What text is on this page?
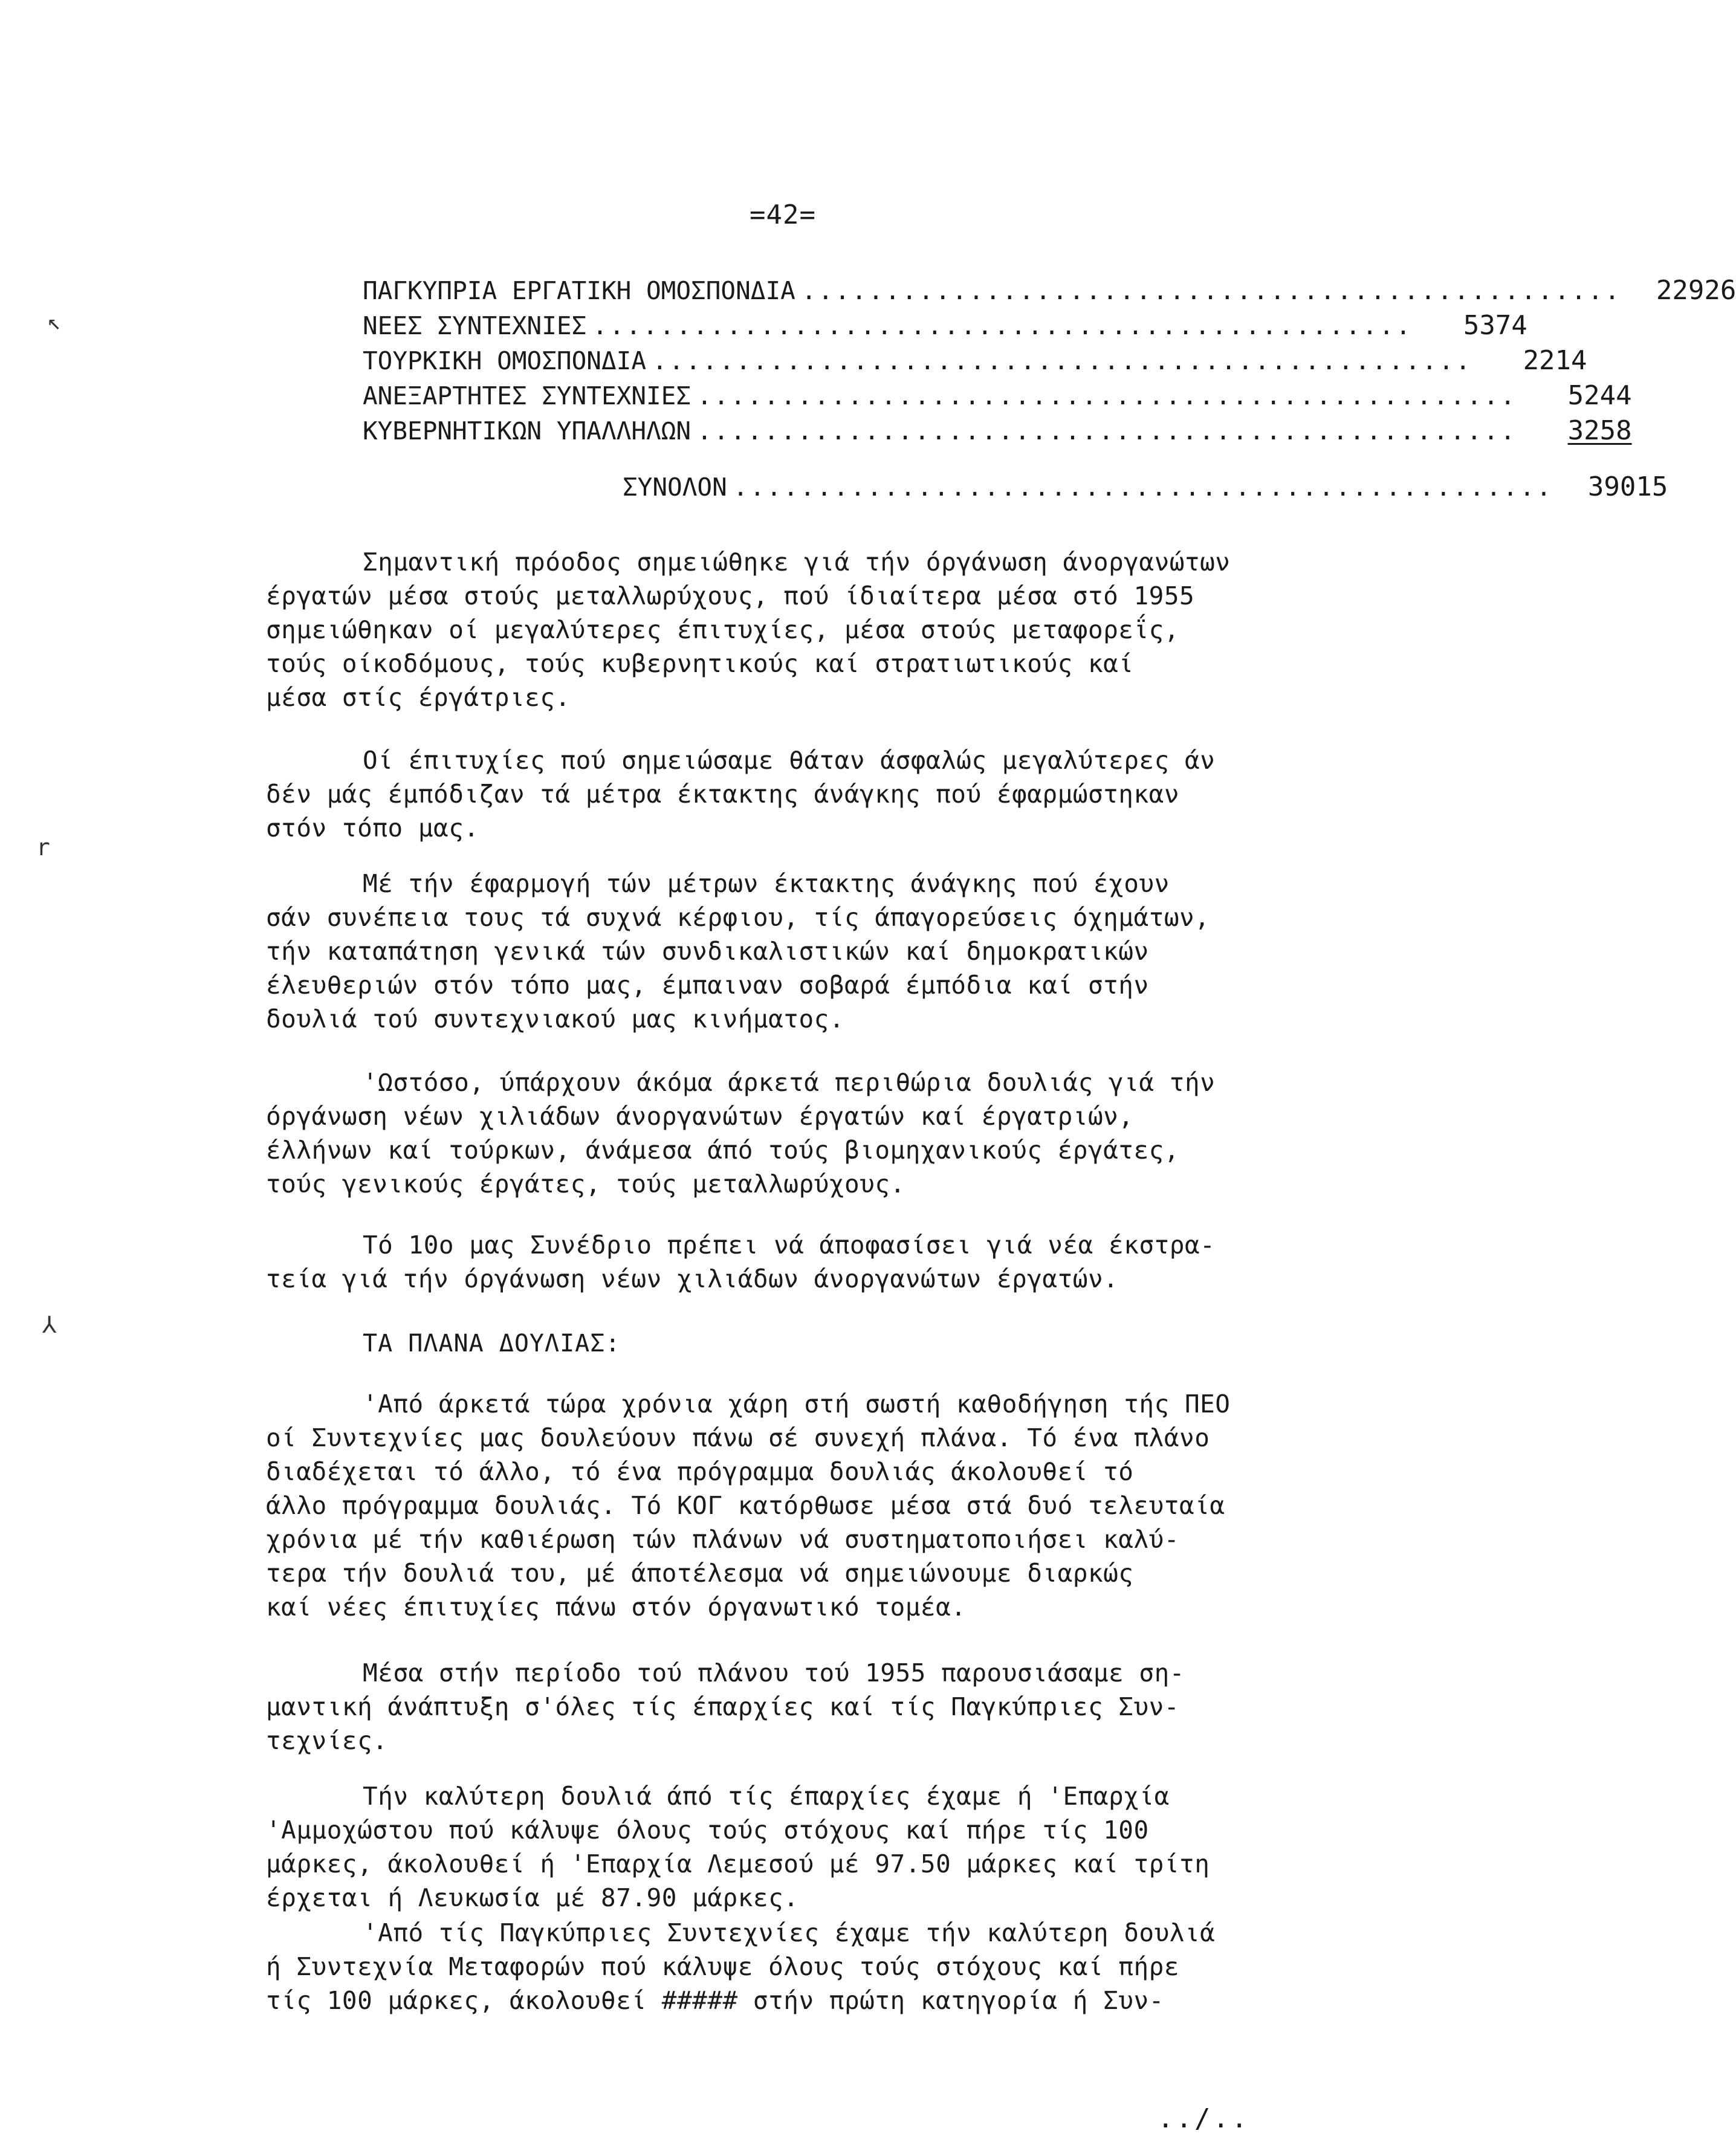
=42=
ΠΑΓΚΥΠΡΙΑ ΕΡΓΑΤΙΚΗ ΟΜΟΣΠΟΝΔΙΑ .................................................	22926
ΝΕΕΣ ΣΥΝΤΕΧΝΙΕΣ .................................................	5374
ΤΟΥΡΚΙΚΗ ΟΜΟΣΠΟΝΔΙΑ .................................................	2214
ΑΝΕΞΑΡΤΗΤΕΣ ΣΥΝΤΕΧΝΙΕΣ .................................................	5244
ΚΥΒΕΡΝΗΤΙΚΩΝ ΥΠΑΛΛΗΛΩΝ .................................................	3258
ΣΥΝΟΛΟΝ .................................................	39015
Σημαντική πρόοδος σημειώθηκε γιά τήν όργάνωση άνοργανώτων
έργατών μέσα στούς μεταλλωρύχους, πού ίδιαίτερα μέσα στό 1955
σημειώθηκαν οί μεγαλύτερες έπιτυχίες, μέσα στούς μεταφορεΐς,
τούς οίκοδόμους, τούς κυβερνητικούς καί στρατιωτικούς καί
μέσα στίς έργάτριες.
Οί έπιτυχίες πού σημειώσαμε θάταν άσφαλώς μεγαλύτερες άν
δέν μάς έμπόδιζαν τά μέτρα έκτακτης άνάγκης πού έφαρμώστηκαν
στόν τόπο μας.
Μέ τήν έφαρμογή τών μέτρων έκτακτης άνάγκης πού έχουν
σάν συνέπεια τους τά συχνά κέρφιου, τίς άπαγορεύσεις όχημάτων,
τήν καταπάτηση γενικά τών συνδικαλιστικών καί δημοκρατικών
έλευθεριών στόν τόπο μας, έμπαιναν σοβαρά έμπόδια καί στήν
δουλιά τού συντεχνιακού μας κινήματος.
'Ωστόσο, ύπάρχουν άκόμα άρκετά περιθώρια δουλιάς γιά τήν
όργάνωση νέων χιλιάδων άνοργανώτων έργατών καί έργατριών,
έλλήνων καί τούρκων, άνάμεσα άπό τούς βιομηχανικούς έργάτες,
τούς γενικούς έργάτες, τούς μεταλλωρύχους.
Τό 10ο μας Συνέδριο πρέπει νά άποφασίσει γιά νέα έκστρα-
τεία γιά τήν όργάνωση νέων χιλιάδων άνοργανώτων έργατών.
ΤΑ ΠΛΑΝΑ ΔΟΥΛΙΑΣ:
'Από άρκετά τώρα χρόνια χάρη στή σωστή καθοδήγηση τής ΠΕΟ
οί Συντεχνίες μας δουλεύουν πάνω σέ συνεχή πλάνα. Τό ένα πλάνο
διαδέχεται τό άλλο, τό ένα πρόγραμμα δουλιάς άκολουθεί τό
άλλο πρόγραμμα δουλιάς. Τό ΚΟΓ κατόρθωσε μέσα στά δυό τελευταία
χρόνια μέ τήν καθιέρωση τών πλάνων νά συστηματοποιήσει καλύ-
τερα τήν δουλιά του, μέ άποτέλεσμα νά σημειώνουμε διαρκώς
καί νέες έπιτυχίες πάνω στόν όργανωτικό τομέα.
Μέσα στήν περίοδο τού πλάνου τού 1955 παρουσιάσαμε ση-
μαντική άνάπτυξη σ'όλες τίς έπαρχίες καί τίς Παγκύπριες Συν-
τεχνίες.
Τήν καλύτερη δουλιά άπό τίς έπαρχίες έχαμε ή 'Επαρχία
'Αμμοχώστου πού κάλυψε όλους τούς στόχους καί πήρε τίς 100
μάρκες, άκολουθεί ή 'Επαρχία Λεμεσού μέ 97.50 μάρκες καί τρίτη
έρχεται ή Λευκωσία μέ 87.90 μάρκες.
'Από τίς Παγκύπριες Συντεχνίες έχαμε τήν καλύτερη δουλιά
ή Συντεχνία Μεταφορών πού κάλυψε όλους τούς στόχους καί πήρε
τίς 100 μάρκες, άκολουθεί ##### στήν πρώτη κατηγορία ή Συν-
../..
↖
r
⅄
